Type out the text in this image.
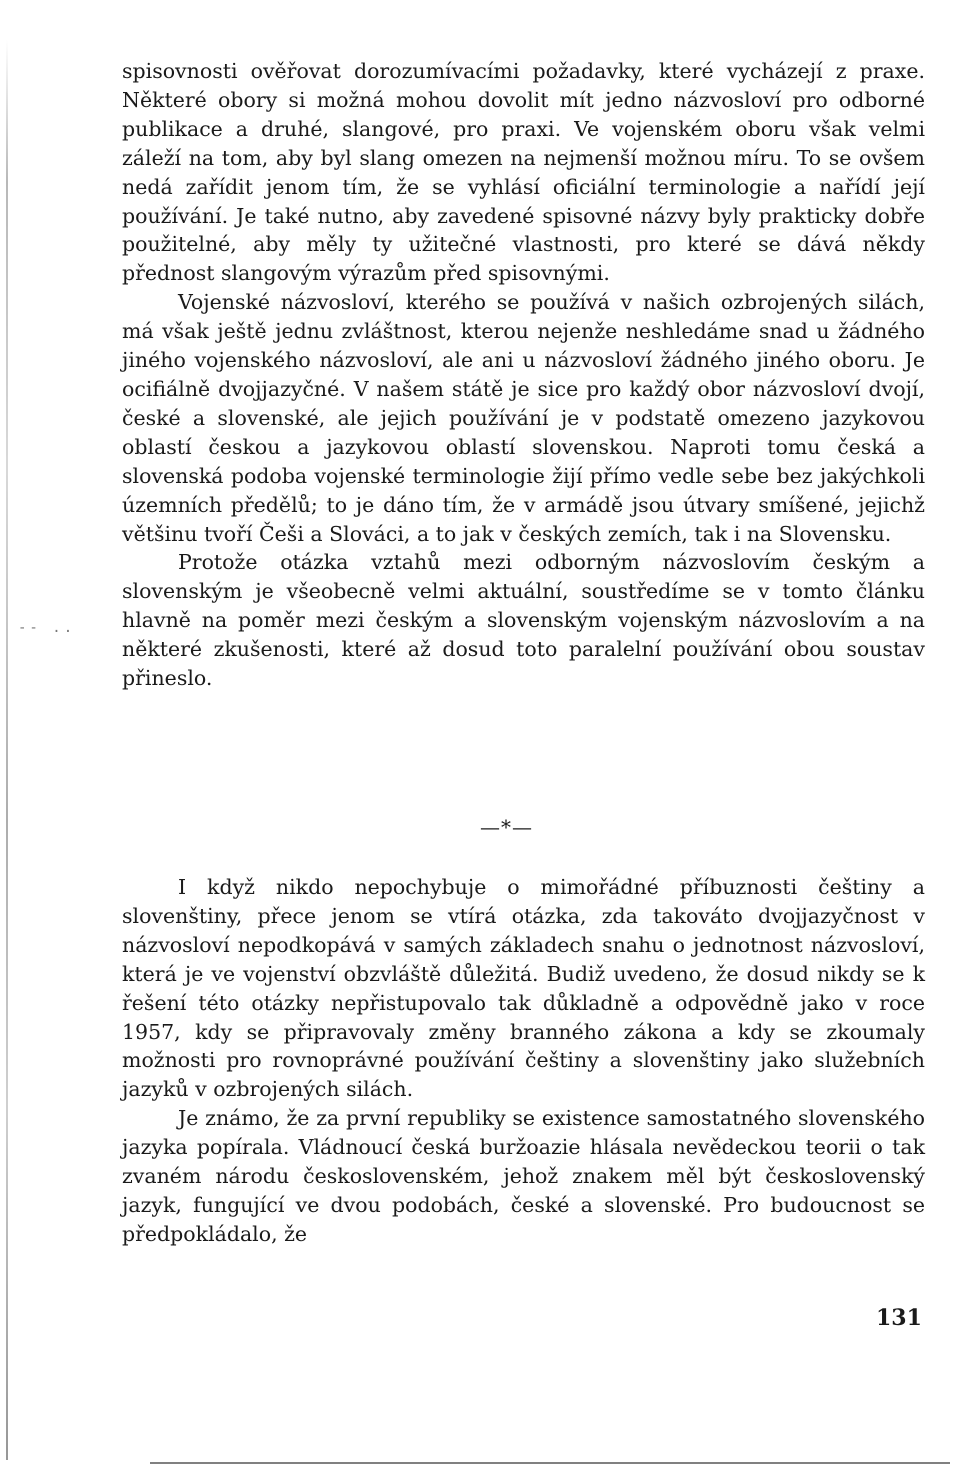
-- ..

spisovnosti ověřovat dorozumívacími požadavky, které vycházejí z praxe. Některé obory si možná mohou dovolit mít jedno názvosloví pro odborné publikace a druhé, slangové, pro praxi. Ve vojenském oboru však velmi záleží na tom, aby byl slang omezen na nejmenší možnou míru. To se ovšem nedá zařídit jenom tím, že se vyhlásí oficiální terminologie a nařídí její používání. Je také nutno, aby zavedené spisovné názvy byly prakticky dobře použitelné, aby měly ty užitečné vlastnosti, pro které se dává někdy přednost slangovým výrazům před spisovnými.

Vojenské názvosloví, kterého se používá v našich ozbrojených silách, má však ještě jednu zvláštnost, kterou nejenže neshledáme snad u žádného jiného vojenského názvosloví, ale ani u názvosloví žádného jiného oboru. Je ocifiálně dvojjazyčné. V našem státě je sice pro každý obor názvosloví dvojí, české a slovenské, ale jejich používání je v podstatě omezeno jazykovou oblastí českou a jazykovou oblastí slovenskou. Naproti tomu česká a slovenská podoba vojenské terminologie žijí přímo vedle sebe bez jakýchkoli územních předělů; to je dáno tím, že v armádě jsou útvary smíšené, jejichž většinu tvoří Češi a Slováci, a to jak v českých zemích, tak i na Slovensku.

Protože otázka vztahů mezi odborným názvoslovím českým a slovenským je všeobecně velmi aktuální, soustředíme se v tomto článku hlavně na poměr mezi českým a slovenským vojenským názvoslovím a na některé zkušenosti, které až dosud toto paralelní používání obou soustav přineslo.

—*—

I když nikdo nepochybuje o mimořádné příbuznosti češtiny a slovenštiny, přece jenom se vtírá otázka, zda takováto dvojjazyčnost v názvosloví nepodkopává v samých základech snahu o jednotnost názvosloví, která je ve vojenství obzvláště důležitá. Budiž uvedeno, že dosud nikdy se k řešení této otázky nepřistupovalo tak důkladně a odpovědně jako v roce 1957, kdy se připravovaly změny branného zákona a kdy se zkoumaly možnosti pro rovnoprávné používání češtiny a slovenštiny jako služebních jazyků v ozbrojených silách.

Je známo, že za první republiky se existence samostatného slovenského jazyka popírala. Vládnoucí česká buržoazie hlásala nevědeckou teorii o tak zvaném národu československém, jehož znakem měl být československý jazyk, fungující ve dvou podobách, české a slovenské. Pro budoucnost se předpokládalo, že

131
